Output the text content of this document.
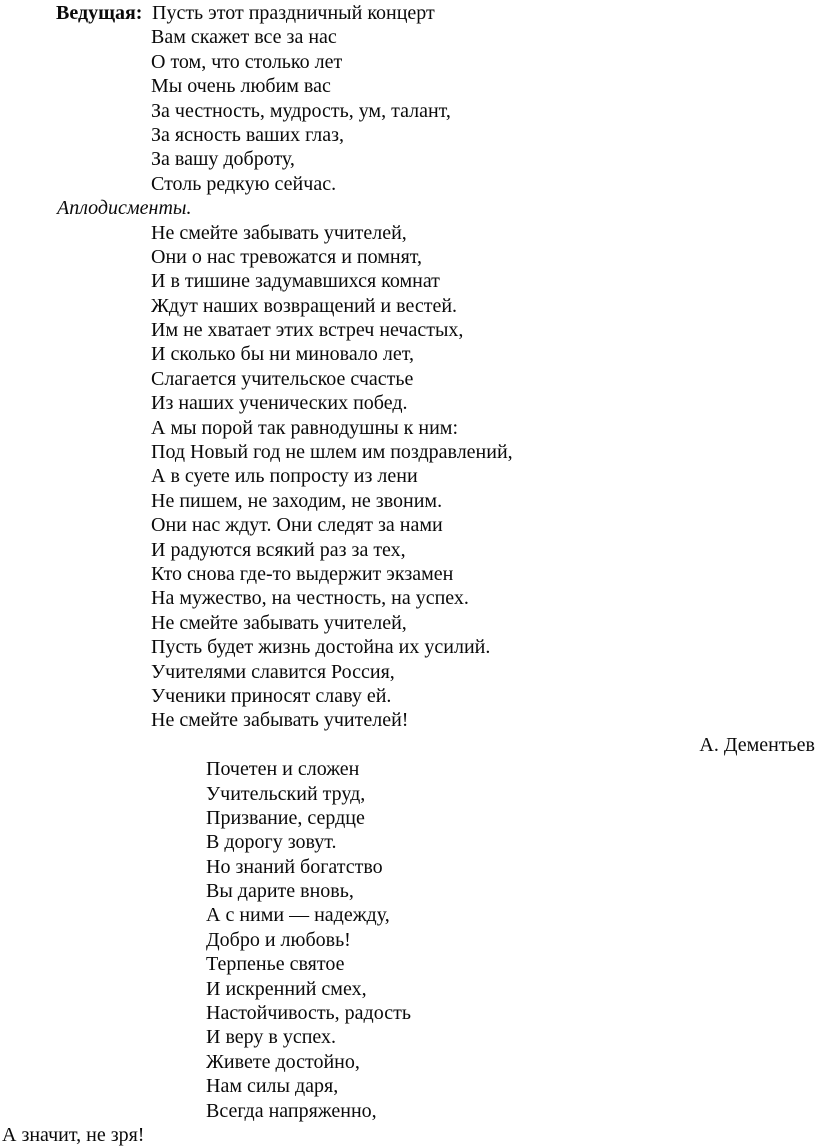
Ведущая: Пусть этот праздничный концерт
Вам скажет все за нас
О том, что столько лет
Мы очень любим вас
За честность, мудрость, ум, талант,
За ясность ваших глаз,
За вашу доброту,
Столь редкую сейчас.
Аплодисменты.
Не смейте забывать учителей,
Они о нас тревожатся и помнят,
И в тишине задумавшихся комнат
Ждут наших возвращений и вестей.
Им не хватает этих встреч нечастых,
И сколько бы ни миновало лет,
Слагается учительское счастье
Из наших ученических побед.
А мы порой так равнодушны к ним:
Под Новый год не шлем им поздравлений,
А в суете иль попросту из лени
Не пишем, не заходим, не звоним.
Они нас ждут. Они следят за нами
И радуются всякий раз за тех,
Кто снова где-то выдержит экзамен
На мужество, на честность, на успех.
Не смейте забывать учителей,
Пусть будет жизнь достойна их усилий.
Учителями славится Россия,
Ученики приносят славу ей.
Не смейте забывать учителей!
А. Дементьев
Почетен и сложен
Учительский труд,
Призвание, сердце
В дорогу зовут.
Но знаний богатство
Вы дарите вновь,
А с ними — надежду,
Добро и любовь!
Терпенье святое
И искренний смех,
Настойчивость, радость
И веру в успех.
Живете достойно,
Нам силы даря,
Всегда напряженно,
А значит, не зря!
